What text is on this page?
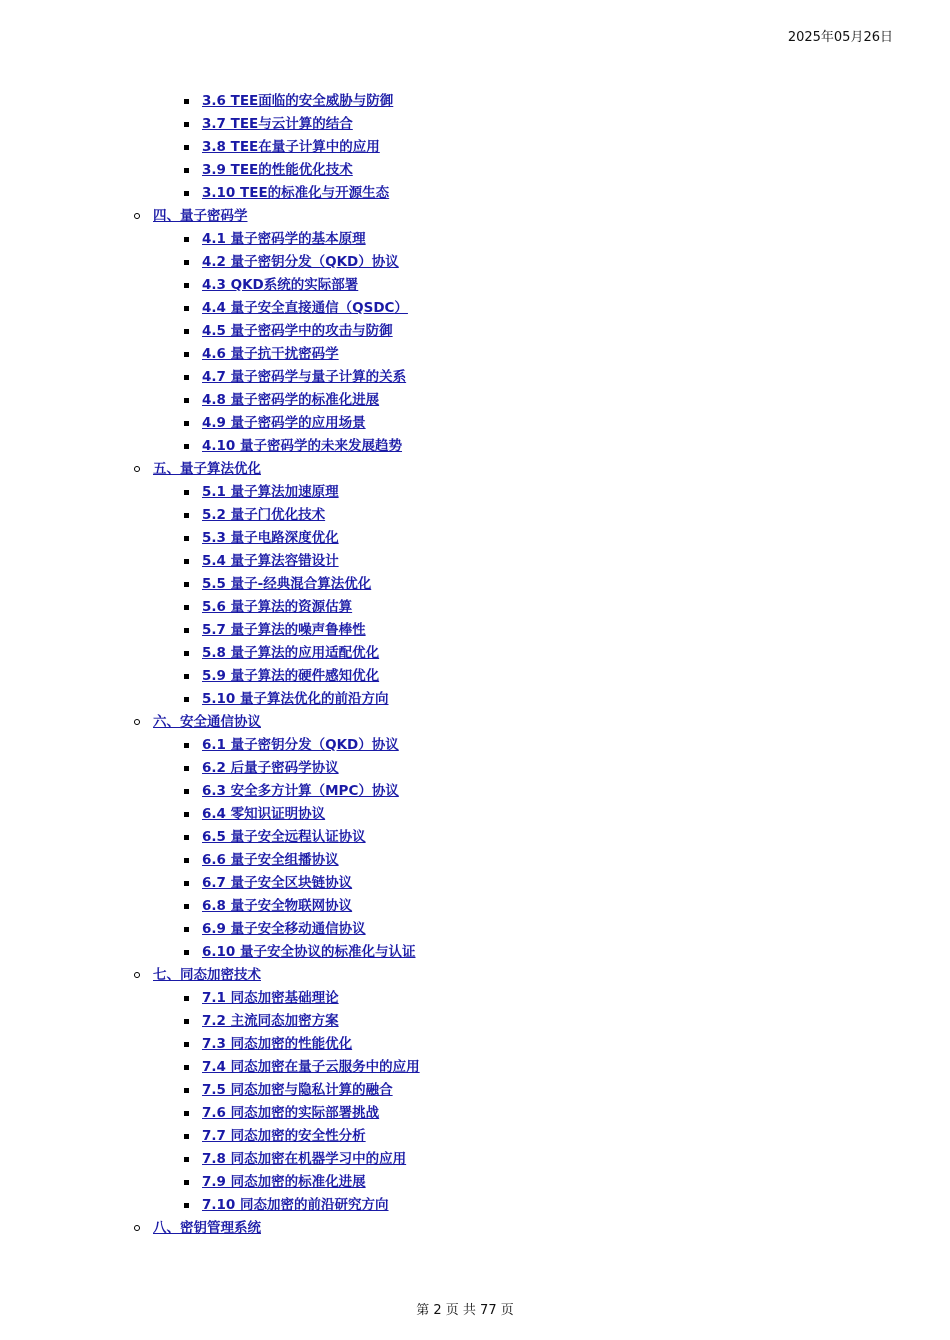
2025年05月26日
3.6 TEE面临的安全威胁与防御
3.7 TEE与云计算的结合
3.8 TEE在量子计算中的应用
3.9 TEE的性能优化技术
3.10 TEE的标准化与开源生态
四、量子密码学
4.1 量子密码学的基本原理
4.2 量子密钥分发（QKD）协议
4.3 QKD系统的实际部署
4.4 量子安全直接通信（QSDC）
4.5 量子密码学中的攻击与防御
4.6 量子抗干扰密码学
4.7 量子密码学与量子计算的关系
4.8 量子密码学的标准化进展
4.9 量子密码学的应用场景
4.10 量子密码学的未来发展趋势
五、量子算法优化
5.1 量子算法加速原理
5.2 量子门优化技术
5.3 量子电路深度优化
5.4 量子算法容错设计
5.5 量子-经典混合算法优化
5.6 量子算法的资源估算
5.7 量子算法的噪声鲁棒性
5.8 量子算法的应用适配优化
5.9 量子算法的硬件感知优化
5.10 量子算法优化的前沿方向
六、安全通信协议
6.1 量子密钥分发（QKD）协议
6.2 后量子密码学协议
6.3 安全多方计算（MPC）协议
6.4 零知识证明协议
6.5 量子安全远程认证协议
6.6 量子安全组播协议
6.7 量子安全区块链协议
6.8 量子安全物联网协议
6.9 量子安全移动通信协议
6.10 量子安全协议的标准化与认证
七、同态加密技术
7.1 同态加密基础理论
7.2 主流同态加密方案
7.3 同态加密的性能优化
7.4 同态加密在量子云服务中的应用
7.5 同态加密与隐私计算的融合
7.6 同态加密的实际部署挑战
7.7 同态加密的安全性分析
7.8 同态加密在机器学习中的应用
7.9 同态加密的标准化进展
7.10 同态加密的前沿研究方向
八、密钥管理系统
第 2 页 共 77 页
